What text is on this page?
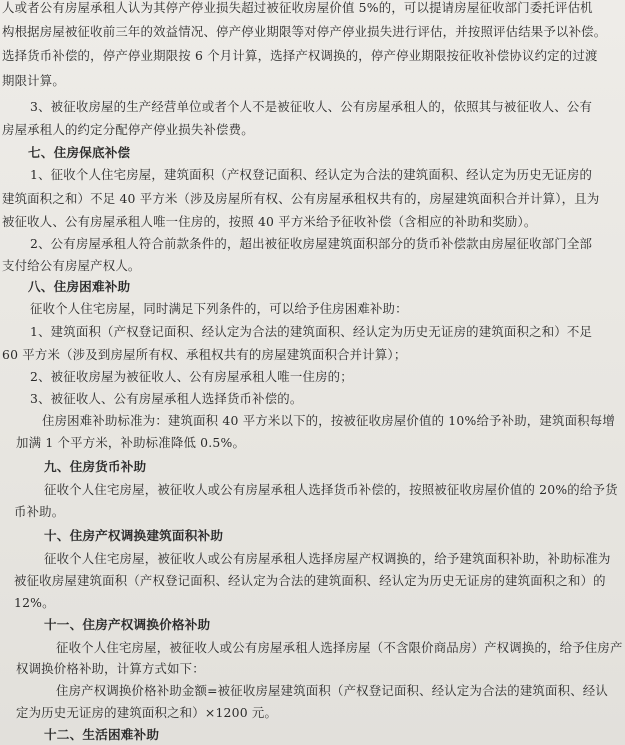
人或者公有房屋承租人认为其停产停业损失超过被征收房屋价值 5%的，可以提请房屋征收部门委托评估机
构根据房屋被征收前三年的效益情况、停产停业期限等对停产停业损失进行评估，并按照评估结果予以补偿。
选择货币补偿的，停产停业期限按 6 个月计算，选择产权调换的，停产停业期限按征收补偿协议约定的过渡
期限计算。
3、被征收房屋的生产经营单位或者个人不是被征收人、公有房屋承租人的，依照其与被征收人、公有
房屋承租人的约定分配停产停业损失补偿费。
七、住房保底补偿
1、征收个人住宅房屋，建筑面积（产权登记面积、经认定为合法的建筑面积、经认定为历史无证房的
建筑面积之和）不足 40 平方米（涉及房屋所有权、公有房屋承租权共有的，房屋建筑面积合并计算），且为
被征收人、公有房屋承租人唯一住房的，按照 40 平方米给予征收补偿（含相应的补助和奖励）。
2、公有房屋承租人符合前款条件的，超出被征收房屋建筑面积部分的货币补偿款由房屋征收部门全部
支付给公有房屋产权人。
八、住房困难补助
征收个人住宅房屋，同时满足下列条件的，可以给予住房困难补助：
1、建筑面积（产权登记面积、经认定为合法的建筑面积、经认定为历史无证房的建筑面积之和）不足
60 平方米（涉及到房屋所有权、承租权共有的房屋建筑面积合并计算）；
2、被征收房屋为被征收人、公有房屋承租人唯一住房的；
3、被征收人、公有房屋承租人选择货币补偿的。
住房困难补助标准为：建筑面积 40 平方米以下的，按被征收房屋价值的 10%给予补助，建筑面积每增
加满 1 个平方米，补助标准降低 0.5%。
九、住房货币补助
征收个人住宅房屋，被征收人或公有房屋承租人选择货币补偿的，按照被征收房屋价值的 20%的给予货
币补助。
十、住房产权调换建筑面积补助
征收个人住宅房屋，被征收人或公有房屋承租人选择房屋产权调换的，给予建筑面积补助，补助标准为
被征收房屋建筑面积（产权登记面积、经认定为合法的建筑面积、经认定为历史无证房的建筑面积之和）的
12%。
十一、住房产权调换价格补助
征收个人住宅房屋，被征收人或公有房屋承租人选择房屋（不含限价商品房）产权调换的，给予住房产
权调换价格补助，计算方式如下：
住房产权调换价格补助金额=被征收房屋建筑面积（产权登记面积、经认定为合法的建筑面积、经认
定为历史无证房的建筑面积之和）×1200 元。
十二、生活困难补助
